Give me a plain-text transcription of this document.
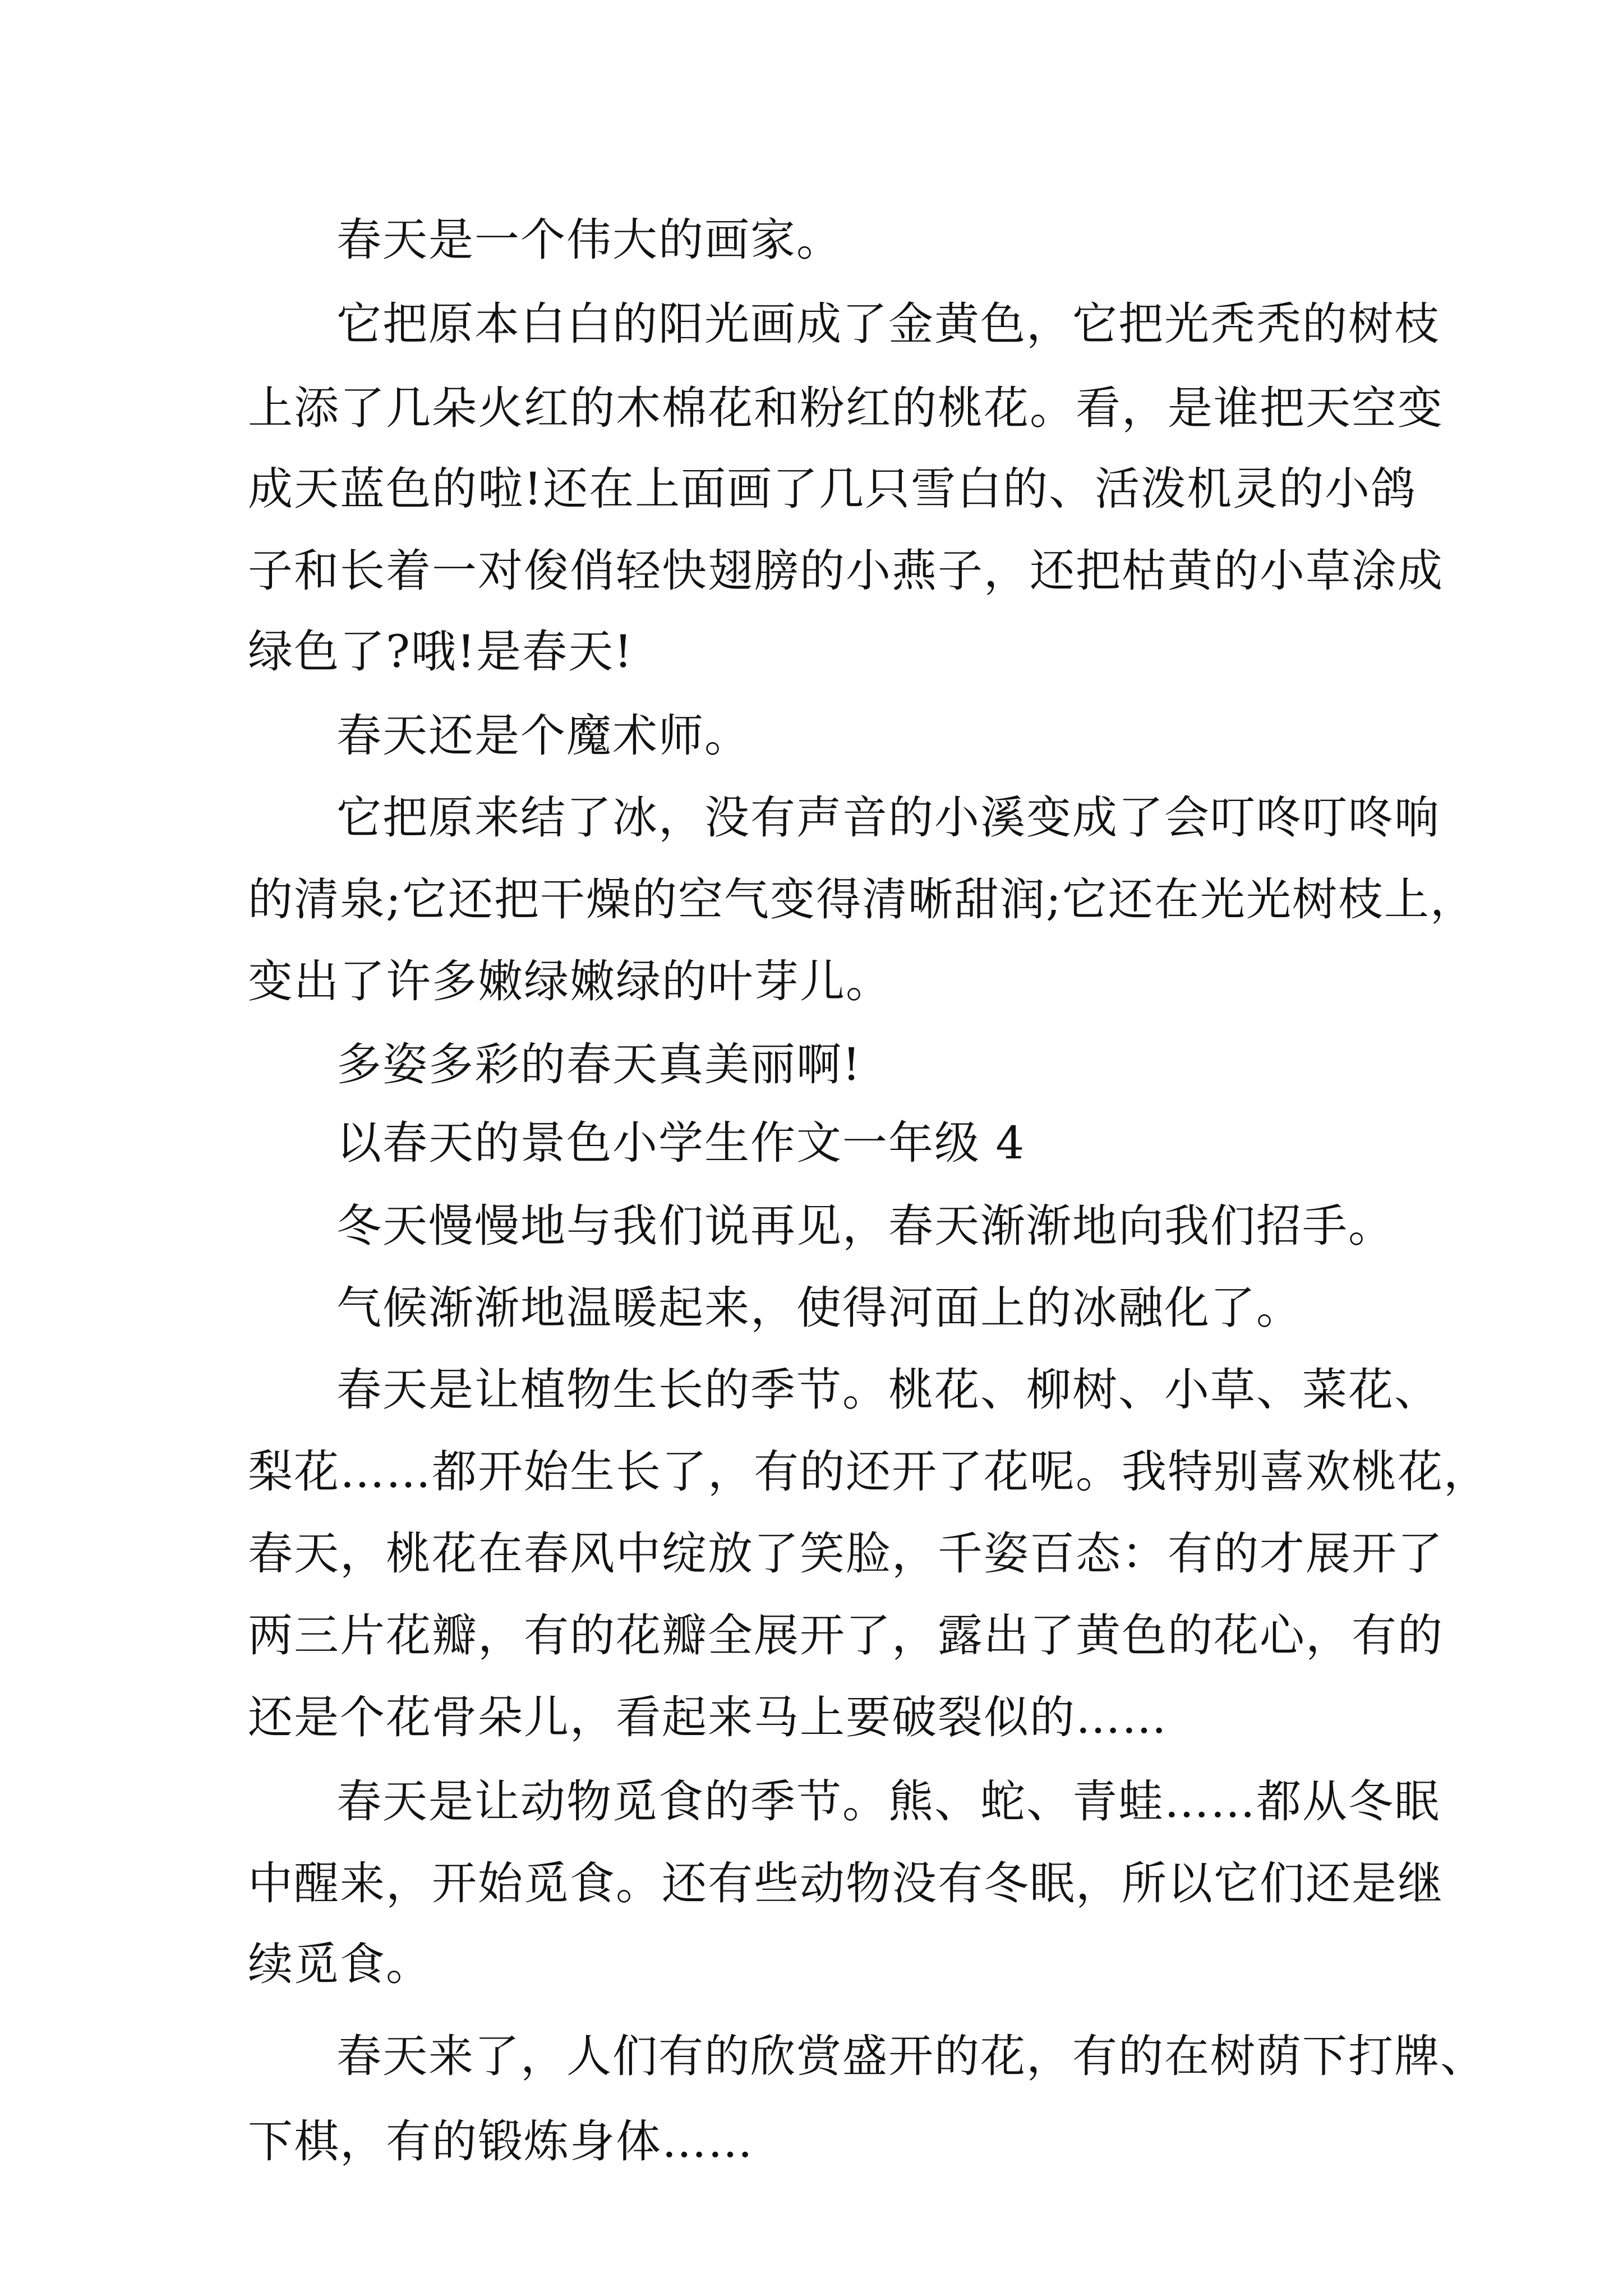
春天是一个伟大的画家。

它把原本白白的阳光画成了金黄色，它把光秃秃的树枝

上添了几朵火红的木棉花和粉红的桃花。看，是谁把天空变

成天蓝色的啦!还在上面画了几只雪白的、活泼机灵的小鸽

子和长着一对俊俏轻快翅膀的小燕子，还把枯黄的小草涂成

绿色了?哦!是春天!

春天还是个魔术师。

它把原来结了冰，没有声音的小溪变成了会叮咚叮咚响

的清泉;它还把干燥的空气变得清晰甜润;它还在光光树枝上，

变出了许多嫩绿嫩绿的叶芽儿。

多姿多彩的春天真美丽啊!

以春天的景色小学生作文一年级 4

冬天慢慢地与我们说再见，春天渐渐地向我们招手。

气候渐渐地温暖起来，使得河面上的冰融化了。

春天是让植物生长的季节。桃花、柳树、小草、菜花、

梨花……都开始生长了，有的还开了花呢。我特别喜欢桃花，

春天，桃花在春风中绽放了笑脸，千姿百态：有的才展开了

两三片花瓣，有的花瓣全展开了，露出了黄色的花心，有的

还是个花骨朵儿，看起来马上要破裂似的……

春天是让动物觅食的季节。熊、蛇、青蛙……都从冬眠

中醒来，开始觅食。还有些动物没有冬眠，所以它们还是继

续觅食。

春天来了，人们有的欣赏盛开的花，有的在树荫下打牌、

下棋，有的锻炼身体……
